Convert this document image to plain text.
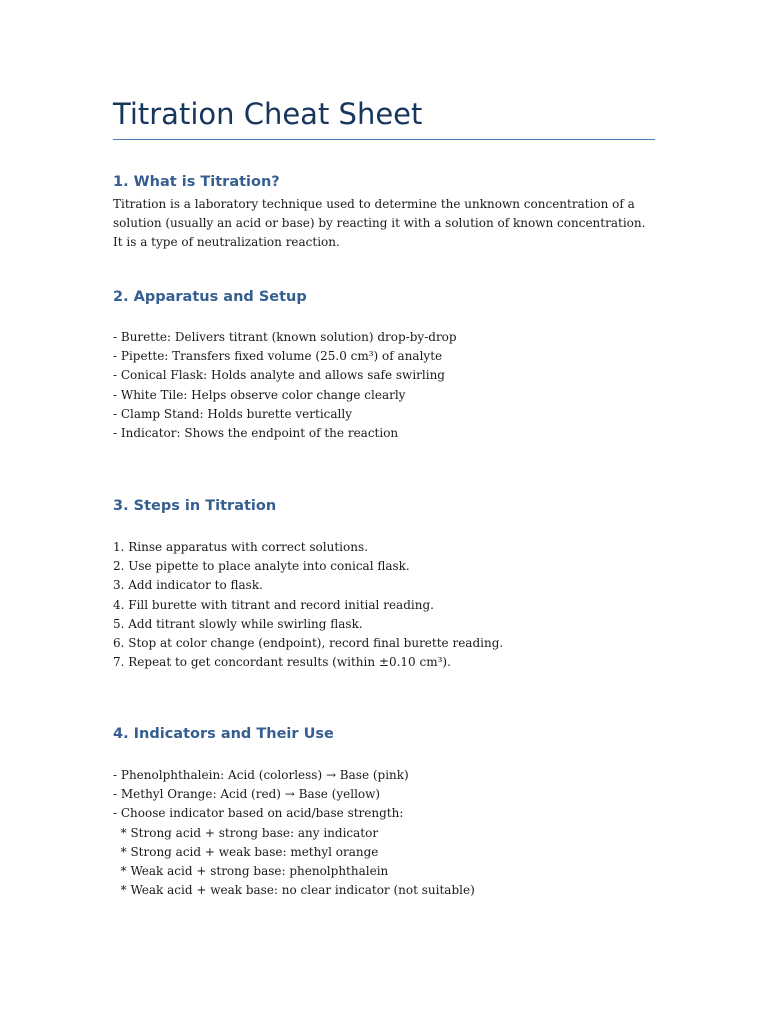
Titration Cheat Sheet
1. What is Titration?

Titration is a laboratory technique used to determine the unknown concentration of a solution (usually an acid or base) by reacting it with a solution of known concentration. It is a type of neutralization reaction.

2. Apparatus and Setup
- Burette: Delivers titrant (known solution) drop-by-drop
- Pipette: Transfers fixed volume (25.0 cm³) of analyte
- Conical Flask: Holds analyte and allows safe swirling
- White Tile: Helps observe color change clearly
- Clamp Stand: Holds burette vertically
- Indicator: Shows the endpoint of the reaction
3. Steps in Titration
1. Rinse apparatus with correct solutions.
2. Use pipette to place analyte into conical flask.
3. Add indicator to flask.
4. Fill burette with titrant and record initial reading.
5. Add titrant slowly while swirling flask.
6. Stop at color change (endpoint), record final burette reading.
7. Repeat to get concordant results (within ±0.10 cm³).
4. Indicators and Their Use
- Phenolphthalein: Acid (colorless) → Base (pink)
- Methyl Orange: Acid (red) → Base (yellow)
- Choose indicator based on acid/base strength:
* Strong acid + strong base: any indicator
* Strong acid + weak base: methyl orange
* Weak acid + strong base: phenolphthalein
* Weak acid + weak base: no clear indicator (not suitable)
